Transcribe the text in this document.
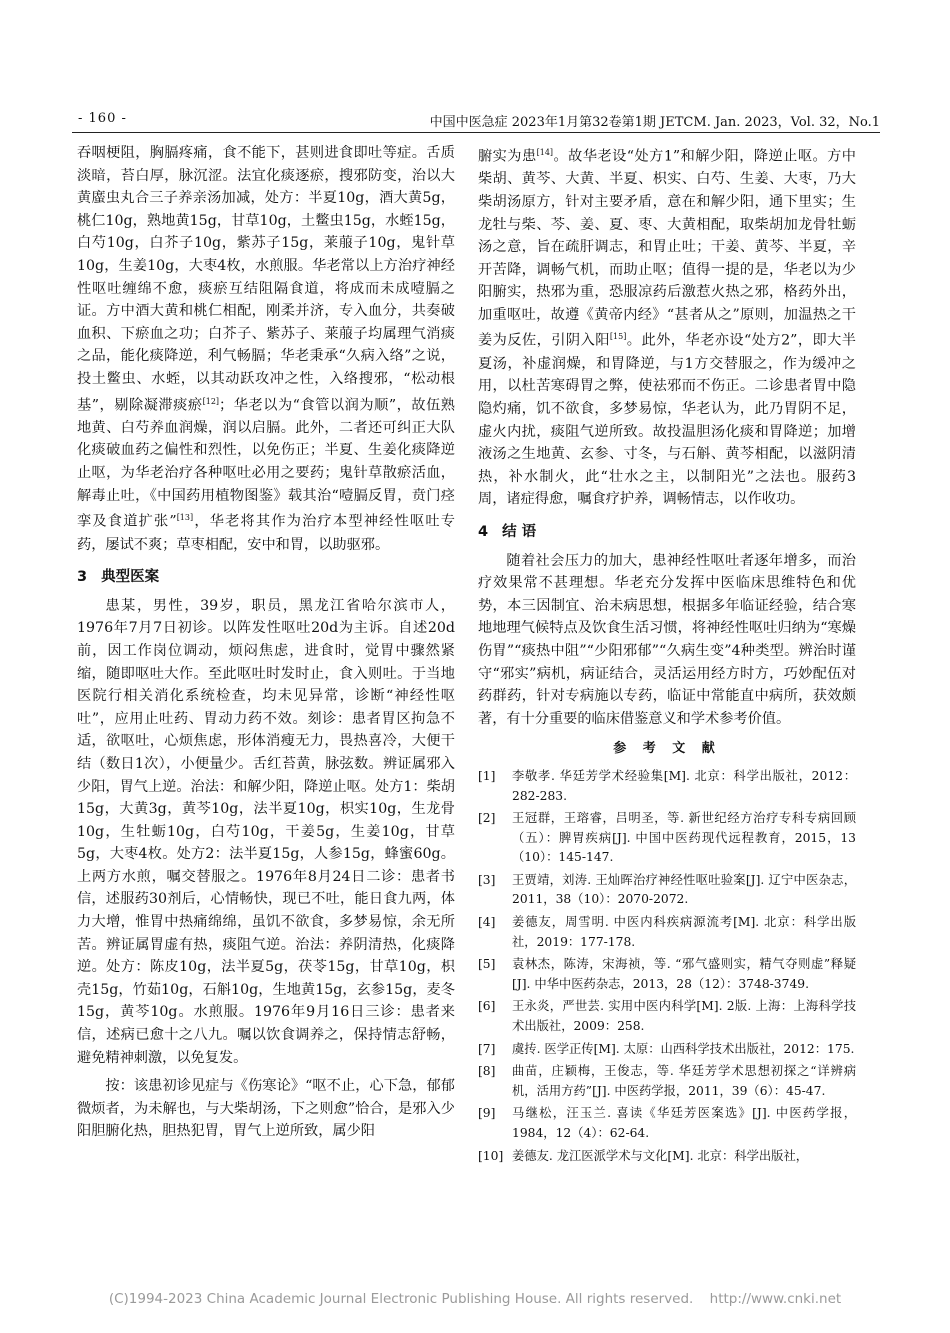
- 160 -	中国中医急症 2023年1月第32卷第1期 JETCM. Jan. 2023，Vol. 32，No.1

吞咽梗阻，胸膈疼痛，食不能下，甚则进食即吐等症。舌质淡暗，苔白厚，脉沉涩。法宜化痰逐瘀，搜邪防变，治以大黄䗪虫丸合三子养亲汤加减，处方：半夏10g，酒大黄5g，桃仁10g，熟地黄15g，甘草10g，土鳖虫15g，水蛭15g，白芍10g，白芥子10g，紫苏子15g，莱菔子10g，鬼针草10g，生姜10g，大枣4枚，水煎服。华老常以上方治疗神经性呕吐缠绵不愈，痰瘀互结阻隔食道，将成而未成噎膈之证。方中酒大黄和桃仁相配，刚柔并济，专入血分，共奏破血积、下瘀血之功；白芥子、紫苏子、莱菔子均属理气消痰之品，能化痰降逆，利气畅膈；华老秉承“久病入络”之说，投土鳖虫、水蛭，以其动跃攻冲之性，入络搜邪，“松动根基”，剔除凝滞痰瘀[12]；华老以为“食管以润为顺”，故伍熟地黄、白芍养血润燥，润以启膈。此外，二者还可纠正大队化痰破血药之偏性和烈性，以免伤正；半夏、生姜化痰降逆止呕，为华老治疗各种呕吐必用之要药；鬼针草散瘀活血，解毒止吐，《中国药用植物图鉴》载其治“噎膈反胃，贲门痉挛及食道扩张”[13]，华老将其作为治疗本型神经性呕吐专药，屡试不爽；草枣相配，安中和胃，以助驱邪。

3 典型医案

患某，男性，39岁，职员，黑龙江省哈尔滨市人，1976年7月7日初诊。以阵发性呕吐20d为主诉。自述20d前，因工作岗位调动，烦闷焦虑，进食时，觉胃中骤然紧缩，随即呕吐大作。至此呕吐时发时止，食入则吐。于当地医院行相关消化系统检查，均未见异常，诊断“神经性呕吐”，应用止吐药、胃动力药不效。刻诊：患者胃区拘急不适，欲呕吐，心烦焦虑，形体消瘦无力，畏热喜冷，大便干结（数日1次），小便量少。舌红苔黄，脉弦数。辨证属邪入少阳，胃气上逆。治法：和解少阳，降逆止呕。处方1：柴胡15g，大黄3g，黄芩10g，法半夏10g，枳实10g，生龙骨10g，生牡蛎10g，白芍10g，干姜5g，生姜10g，甘草5g，大枣4枚。处方2：法半夏15g，人参15g，蜂蜜60g。上两方水煎，嘱交替服之。1976年8月24日二诊：患者书信，述服药30剂后，心情畅快，现已不吐，能日食九两，体力大增，惟胃中热痛绵绵，虽饥不欲食，多梦易惊，余无所苦。辨证属胃虚有热，痰阻气逆。治法：养阴清热，化痰降逆。处方：陈皮10g，法半夏5g，茯苓15g，甘草10g，枳壳15g，竹茹10g，石斛10g，生地黄15g，玄参15g，麦冬15g，黄芩10g。水煎服。1976年9月16日三诊：患者来信，述病已愈十之八九。嘱以饮食调养之，保持情志舒畅，避免精神刺激，以免复发。

按：该患初诊见症与《伤寒论》“呕不止，心下急，郁郁微烦者，为未解也，与大柴胡汤，下之则愈”恰合，是邪入少阳胆腑化热，胆热犯胃，胃气上逆所致，属少阳

腑实为患[14]。故华老设“处方1”和解少阳，降逆止呕。方中柴胡、黄芩、大黄、半夏、枳实、白芍、生姜、大枣，乃大柴胡汤原方，针对主要矛盾，意在和解少阳，通下里实；生龙牡与柴、芩、姜、夏、枣、大黄相配，取柴胡加龙骨牡蛎汤之意，旨在疏肝调志，和胃止吐；干姜、黄芩、半夏，辛开苦降，调畅气机，而助止呕；值得一提的是，华老以为少阳腑实，热邪为重，恐服凉药后激惹火热之邪，格药外出，加重呕吐，故遵《黄帝内经》“甚者从之”原则，加温热之干姜为反佐，引阴入阳[15]。此外，华老亦设“处方2”，即大半夏汤，补虚润燥，和胃降逆，与1方交替服之，作为缓冲之用，以杜苦寒碍胃之弊，使祛邪而不伤正。二诊患者胃中隐隐灼痛，饥不欲食，多梦易惊，华老认为，此乃胃阴不足，虚火内扰，痰阻气逆所致。故投温胆汤化痰和胃降逆；加增液汤之生地黄、玄参、寸冬，与石斛、黄芩相配，以滋阴清热，补水制火，此“壮水之主，以制阳光”之法也。服药3周，诸症得愈，嘱食疗护养，调畅情志，以作收功。

4 结 语

随着社会压力的加大，患神经性呕吐者逐年增多，而治疗效果常不甚理想。华老充分发挥中医临床思维特色和优势，本三因制宜、治未病思想，根据多年临证经验，结合寒地地理气候特点及饮食生活习惯，将神经性呕吐归纳为“寒燥伤胃”“痰热中阻”“少阳邪郁”“久病生变”4种类型。辨治时谨守“邪实”病机，病证结合，灵活运用经方时方，巧妙配伍对药群药，针对专病施以专药，临证中常能直中病所，获效颇著，有十分重要的临床借鉴意义和学术参考价值。

参 考 文 献
[1]	李敬孝. 华廷芳学术经验集[M]. 北京：科学出版社，2012：282-283.
[2]	王冠群，王瑢睿，吕明圣，等. 新世纪经方治疗专科专病回顾（五）：脾胃疾病[J]. 中国中医药现代远程教育，2015，13（10）：145-147.
[3]	王贾靖，刘涛. 王灿晖治疗神经性呕吐验案[J]. 辽宁中医杂志，2011，38（10）：2070-2072.
[4]	姜德友，周雪明. 中医内科疾病源流考[M]. 北京：科学出版社，2019：177-178.
[5]	袁林杰，陈涛，宋海祯，等. “邪气盛则实，精气夺则虚”释疑[J]. 中华中医药杂志，2013，28（12）：3748-3749.
[6]	王永炎，严世芸. 实用中医内科学[M]. 2版. 上海：上海科学技术出版社，2009：258.
[7]	虞抟. 医学正传[M]. 太原：山西科学技术出版社，2012：175.
[8]	曲苗，庄颖梅，王俊志，等. 华廷芳学术思想初探之“详辨病机，活用方药”[J]. 中医药学报，2011，39（6）：45-47.
[9]	马继松，汪玉兰. 喜读《华廷芳医案选》[J]. 中医药学报，1984，12（4）：62-64.
[10] 姜德友. 龙江医派学术与文化[M]. 北京：科学出版社，
(C)1994-2023 China Academic Journal Electronic Publishing House. All rights reserved. http://www.cnki.net
